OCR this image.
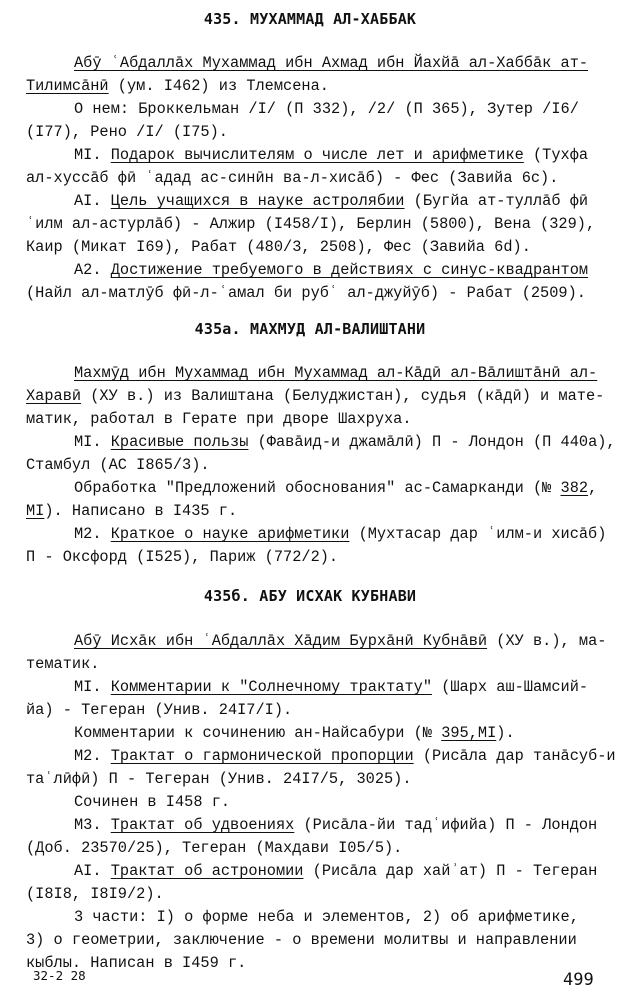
435. МУХАММАД АЛ-ХАББАК
Абӯ ʿАбдаллāх Мухаммад ибн Ахмад ибн Йахйā ал-Хаббāк ат-
Тилимсāнӣ (ум. I462) из Тлемсена.
О нем: Броккельман /I/ (П 332), /2/ (П 365), Зутер /I6/
(I77), Рено /I/ (I75).
MI. Подарок вычислителям о числе лет и арифметике (Тухфа
ал-хуссāб фӣ ʿадад ас-синӣн ва-л-хисāб) - Фес (Завийа 6c).
AI. Цель учащихся в науке астролябии (Бугйа ат-туллāб фӣ
ʿилм ал-астурлāб) - Алжир (I458/I), Берлин (5800), Вена (329),
Каир (Микат I69), Рабат (480/3, 2508), Фес (Завийа 6d).
A2. Достижение требуемого в действиях с синус-квадрантом
(Найл ал-матлӯб фӣ-л-ʿамал би рубʿ ал-джуйӯб) - Рабат (2509).
435а. МАХМУД АЛ-ВАЛИШТАНИ
Махмӯд ибн Мухаммад ибн Мухаммад ал-Кāдӣ ал-Вāлиштāнӣ ал-
Харавӣ (ХУ в.) из Валиштана (Белуджистан), судья (кāдӣ) и мате-
матик, работал в Герате при дворе Шахруха.
MI. Красивые пользы (Фавāид-и джамāлӣ) П - Лондон (П 440а),
Стамбул (AC I865/3).
Обработка "Предложений обоснования" ас-Самарканди (№ 382,
MI). Написано в I435 г.
M2. Краткое о науке арифметики (Мухтасар дар ʿилм-и хисāб)
П - Оксфорд (I525), Париж (772/2).
435б. АБУ ИСХАК КУБНАВИ
Абӯ Исхāк ибн ʿАбдаллāх Хāдим Бурхāнӣ Кубнāвӣ (ХУ в.), ма-
тематик.
MI. Комментарии к "Солнечному трактату" (Шарх аш-Шамсий-
йа) - Тегеран (Унив. 24I7/I).
Комментарии к сочинению ан-Найсабури (№ 395,MI).
M2. Трактат о гармонической пропорции (Рисāла дар танāсуб-и
таʿлӣфӣ) П - Тегеран (Унив. 24I7/5, 3025).
Сочинен в I458 г.
M3. Трактат об удвоениях (Рисāла-йи тадʿифийа) П - Лондон
(Доб. 23570/25), Тегеран (Махдави I05/5).
AI. Трактат об астрономии (Рисāла дар хайʾат) П - Тегеран
(I8I8, I8I9/2).
3 части: I) о форме неба и элементов, 2) об арифметике,
3) о геометрии, заключение - о времени молитвы и направлении
кыблы. Написан в I459 г.
32-2 28	499
